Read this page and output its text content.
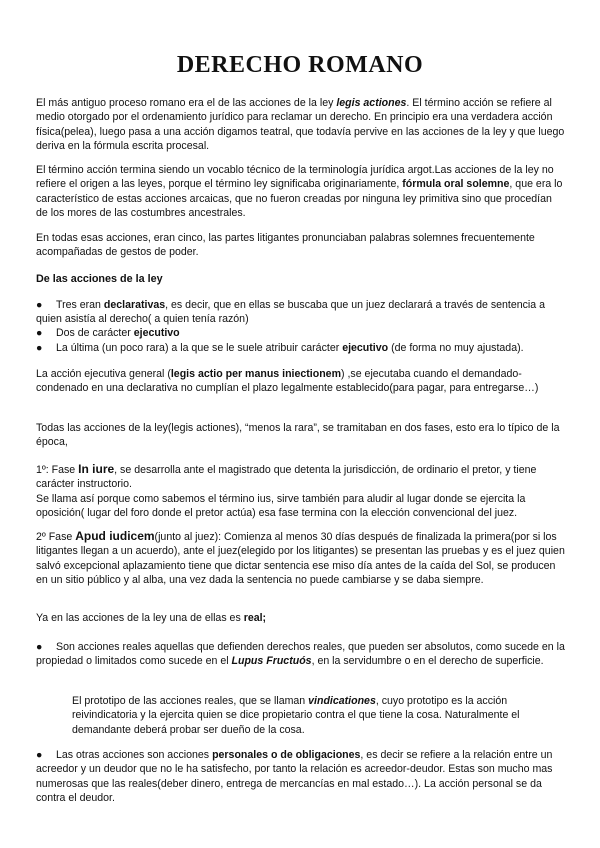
DERECHO ROMANO

El más antiguo proceso romano era el de las acciones de la ley legis actiones. El término acción se refiere al medio otorgado por el ordenamiento jurídico para reclamar un derecho. En principio era una verdadera acción física(pelea), luego pasa a una acción digamos teatral, que todavía pervive en las acciones de la ley y que luego deriva en la fórmula escrita procesal.

El término acción termina siendo un vocablo técnico de la terminología jurídica argot.Las acciones de la ley no refiere el origen a las leyes, porque el término ley significaba originariamente, fórmula oral solemne, que era lo característico de estas acciones arcaicas, que no fueron creadas por ninguna ley primitiva sino que procedían de los mores de las costumbres ancestrales.

En todas esas acciones, eran cinco, las partes litigantes pronunciaban palabras solemnes frecuentemente acompañadas de gestos de poder.

De las acciones de la ley

● Tres eran declarativas, es decir, que en ellas se buscaba que un juez declarará a través de sentencia a quien asistía al derecho( a quien tenía razón)

● Dos de carácter ejecutivo

● La última (un poco rara) a la que se le suele atribuir carácter ejecutivo (de forma no muy ajustada).

La acción ejecutiva general (legis actio per manus iniectionem) ,se ejecutaba cuando el demandado-condenado en una declarativa no cumplían el plazo legalmente establecido(para pagar, para entregarse…)

Todas las acciones de la ley(legis actiones), “menos la rara”, se tramitaban en dos fases, esto era lo típico de la época,

1º: Fase In iure, se desarrolla ante el magistrado que detenta la jurisdicción, de ordinario el pretor, y tiene carácter instructorio.
Se llama así porque como sabemos el término ius, sirve también para aludir al lugar donde se ejercita la oposición( lugar del foro donde el pretor actúa) esa fase termina con la elección convencional del juez.

2º Fase Apud iudicem(junto al juez): Comienza al menos 30 días después de finalizada la primera(por si los litigantes llegan a un acuerdo), ante el juez(elegido por los litigantes) se presentan las pruebas y es el juez quien salvó excepcional aplazamiento tiene que dictar sentencia ese miso día antes de la caída del Sol, se producen en un sitio público y al alba, una vez dada la sentencia no puede cambiarse y se daba siempre.

Ya en las acciones de la ley una de ellas es real;

● Son acciones reales aquellas que defienden derechos reales, que pueden ser absolutos, como sucede en la propiedad o limitados como sucede en el Lupus Fructuós, en la servidumbre o en el derecho de superficie.

El prototipo de las acciones reales, que se llaman vindicationes, cuyo prototipo es la acción reivindicatoria y la ejercita quien se dice propietario contra el que tiene la cosa. Naturalmente el demandante deberá probar ser dueño de la cosa.

● Las otras acciones son acciones personales o de obligaciones, es decir se refiere a la relación entre un acreedor y un deudor que no le ha satisfecho, por tanto la relación es acreedor-deudor. Estas son mucho mas numerosas que las reales(deber dinero, entrega de mercancías en mal estado…). La acción personal se da contra el deudor.
